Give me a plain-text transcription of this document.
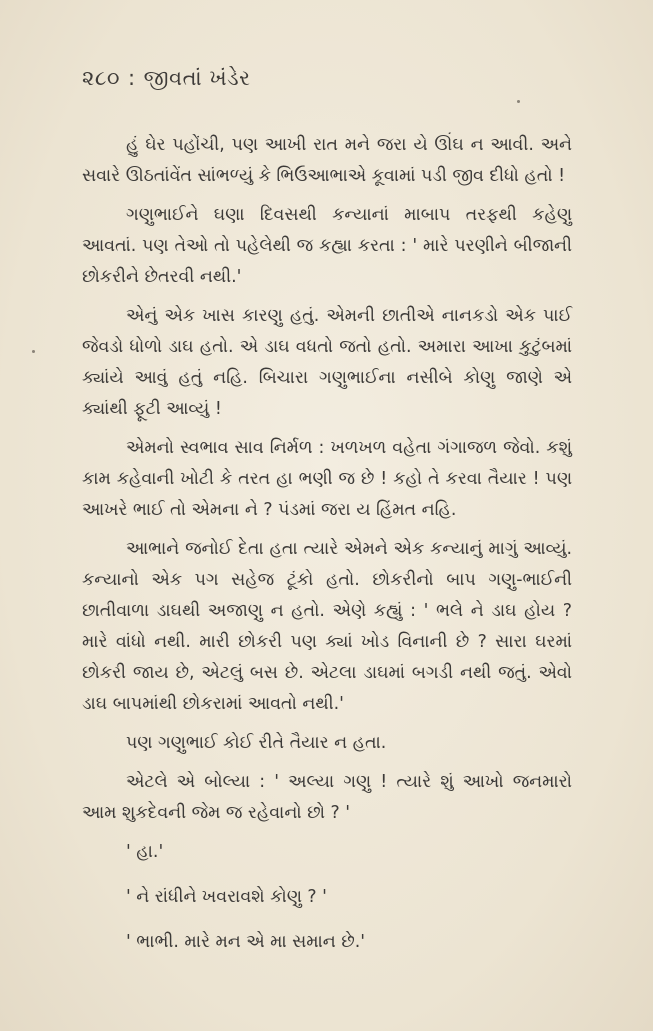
૨૮૦ : જીવતાં ખંડેર

હું ઘેર પહોંચી, પણ આખી રાત મને જરા યે ઊંઘ ન આવી. અને સવારે ઊઠતાંવેંત સાંભળ્યું કે ભિઉઆભાએ કૂવામાં પડી જીવ દીધો હતો !

ગણુભાઈને ઘણા દિવસથી કન્યાનાં માબાપ તરફથી કહેણુ આવતાં. પણ તેઓ તો પહેલેથી જ કહ્યા કરતા : ' મારે પરણીને બીજાની છોકરીને છેતરવી નથી.'

એનું એક ખાસ કારણુ હતું. એમની છાતીએ નાનકડો એક પાઈ જેવડો ધોળો ડાઘ હતો. એ ડાઘ વધતો જતો હતો. અમારા આખા કુટુંબમાં ક્યાંયે આવું હતું નહિ. બિચારા ગણુભાઈના નસીબે કોણુ જાણે એ ક્યાંથી ફૂટી આવ્યું !

એમનો સ્વભાવ સાવ નિર્મળ : ખળખળ વહેતા ગંગાજળ જેવો. કશું કામ કહેવાની ખોટી કે તરત હા ભણી જ છે ! કહો તે કરવા તૈયાર ! પણ આખરે ભાઈ તો એમના ને ? પંડમાં જરા ય હિંમત નહિ.

આભાને જનોઈ દેતા હતા ત્યારે એમને એક કન્યાનું માગું આવ્યું. કન્યાનો એક પગ સહેજ ટૂંકો હતો. છોકરીનો બાપ ગણુ-ભાઈની છાતીવાળા ડાઘથી અજાણુ ન હતો. એણે કહ્યું : ' ભલે ને ડાઘ હોય ? મારે વાંધો નથી. મારી છોકરી પણ ક્યાં ખોડ વિનાની છે ? સારા ઘરમાં છોકરી જાય છે, એટલું બસ છે. એટલા ડાઘમાં બગડી નથી જતું. એવો ડાઘ બાપમાંથી છોકરામાં આવતો નથી.'

પણ ગણુભાઈ કોઈ રીતે તૈયાર ન હતા.

એટલે એ બોલ્યા : ' અલ્યા ગણુ ! ત્યારે શું આખો જનમારો આમ શુકદેવની જેમ જ રહેવાનો છો ? '

' હા.'

' ને રાંધીને ખવરાવશે કોણુ ? '

' ભાભી. મારે મન એ મા સમાન છે.'
